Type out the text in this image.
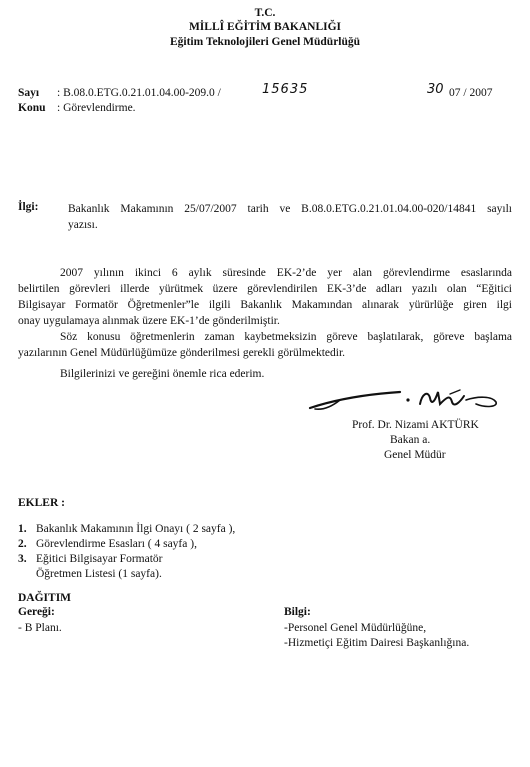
T.C.
MİLLÎ EĞİTİM BAKANLIĞI
Eğitim Teknolojileri Genel Müdürlüğü
Sayı : B.08.0.ETG.0.21.01.04.00-209.0 /	15635	30 07 / 2007
Konu : Görevlendirme.
İlgi:	Bakanlık Makamının 25/07/2007 tarih ve B.08.0.ETG.0.21.01.04.00-020/14841 sayılı
yazısı.
2007 yılının ikinci 6 aylık süresinde EK-2’de yer alan görevlendirme esaslarında
belirtilen görevleri illerde yürütmek üzere görevlendirilen EK-3’de adları yazılı olan “Eğitici
Bilgisayar Formatör Öğretmenler”le ilgili Bakanlık Makamından alınarak yürürlüğe giren ilgi
onay uygulamaya alınmak üzere EK-1’de gönderilmiştir.
Söz konusu öğretmenlerin zaman kaybetmeksizin göreve başlatılarak, göreve başlama
yazılarının Genel Müdürlüğümüze gönderilmesi gerekli görülmektedir.
Bilgilerinizi ve gereğini önemle rica ederim.
Prof. Dr. Nizami AKTÜRK
Bakan a.
Genel Müdür
EKLER :
1. Bakanlık Makamının İlgi Onayı ( 2 sayfa ),
2. Görevlendirme Esasları ( 4 sayfa ),
3. Eğitici Bilgisayar Formatör
Öğretmen Listesi (1 sayfa).
DAĞITIM
Gereği:
- B Planı.
Bilgi:
-Personel Genel Müdürlüğüne,
-Hizmetiçi Eğitim Dairesi Başkanlığına.
